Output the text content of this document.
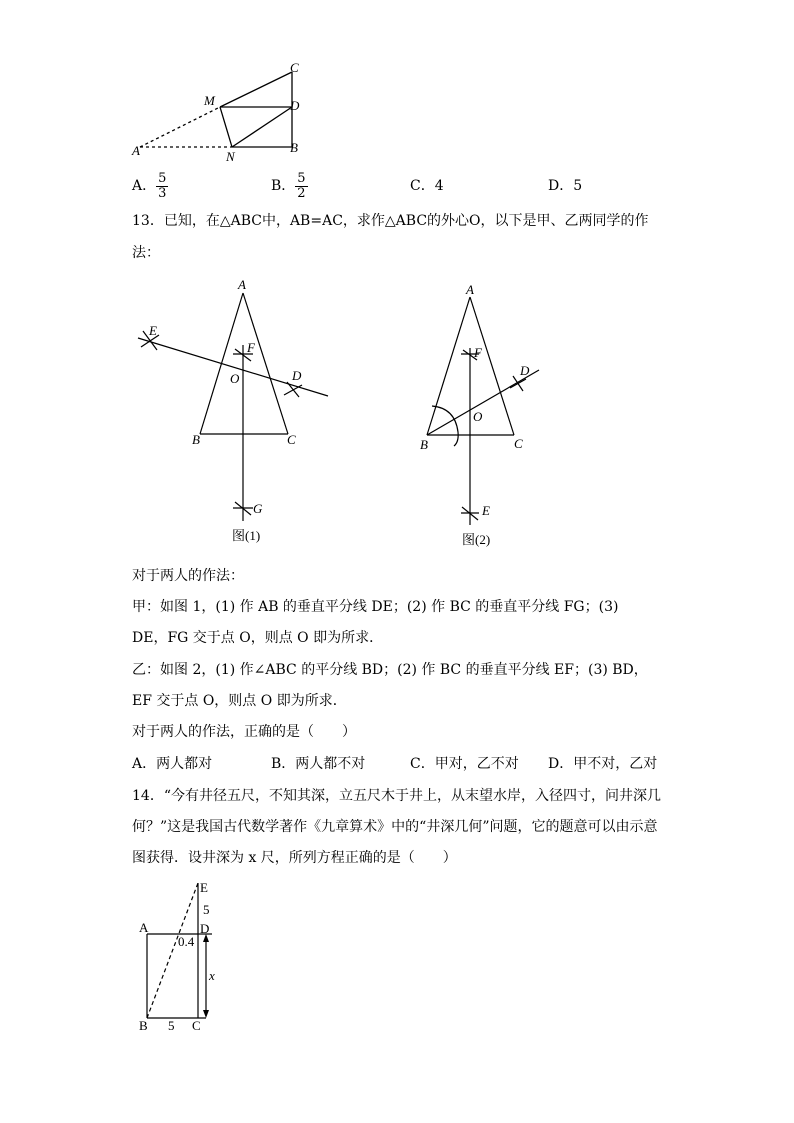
C
M	D
A	N
B
A． $\frac{5}{3}$	B． $\frac{5}{2}$	C．4	D．5
13．已知，在△ABC中，AB=AC，求作△ABC的外心O，以下是甲、乙两同学的作
法：
A
E
F
O	D
B	C
G
图(1)
A
F
D
O
B	C
E
图(2)
对于两人的作法：
甲：如图 1，(1) 作 AB 的垂直平分线 DE；(2) 作 BC 的垂直平分线 FG；(3)
DE，FG 交于点 O，则点 O 即为所求．
乙：如图 2，(1) 作∠ABC 的平分线 BD；(2) 作 BC 的垂直平分线 EF；(3) BD，
EF 交于点 O，则点 O 即为所求．
对于两人的作法，正确的是（　　）
A．两人都对	B．两人都不对	C．甲对，乙不对 D．甲不对，乙对
14．“今有井径五尺，不知其深，立五尺木于井上，从末望水岸，入径四寸，问井深几
何？”这是我国古代数学著作《九章算术》中的“井深几何”问题，它的题意可以由示意
图获得．设井深为 x 尺，所列方程正确的是（　　）
E
5
A	D
0.4
B 5 C
x
